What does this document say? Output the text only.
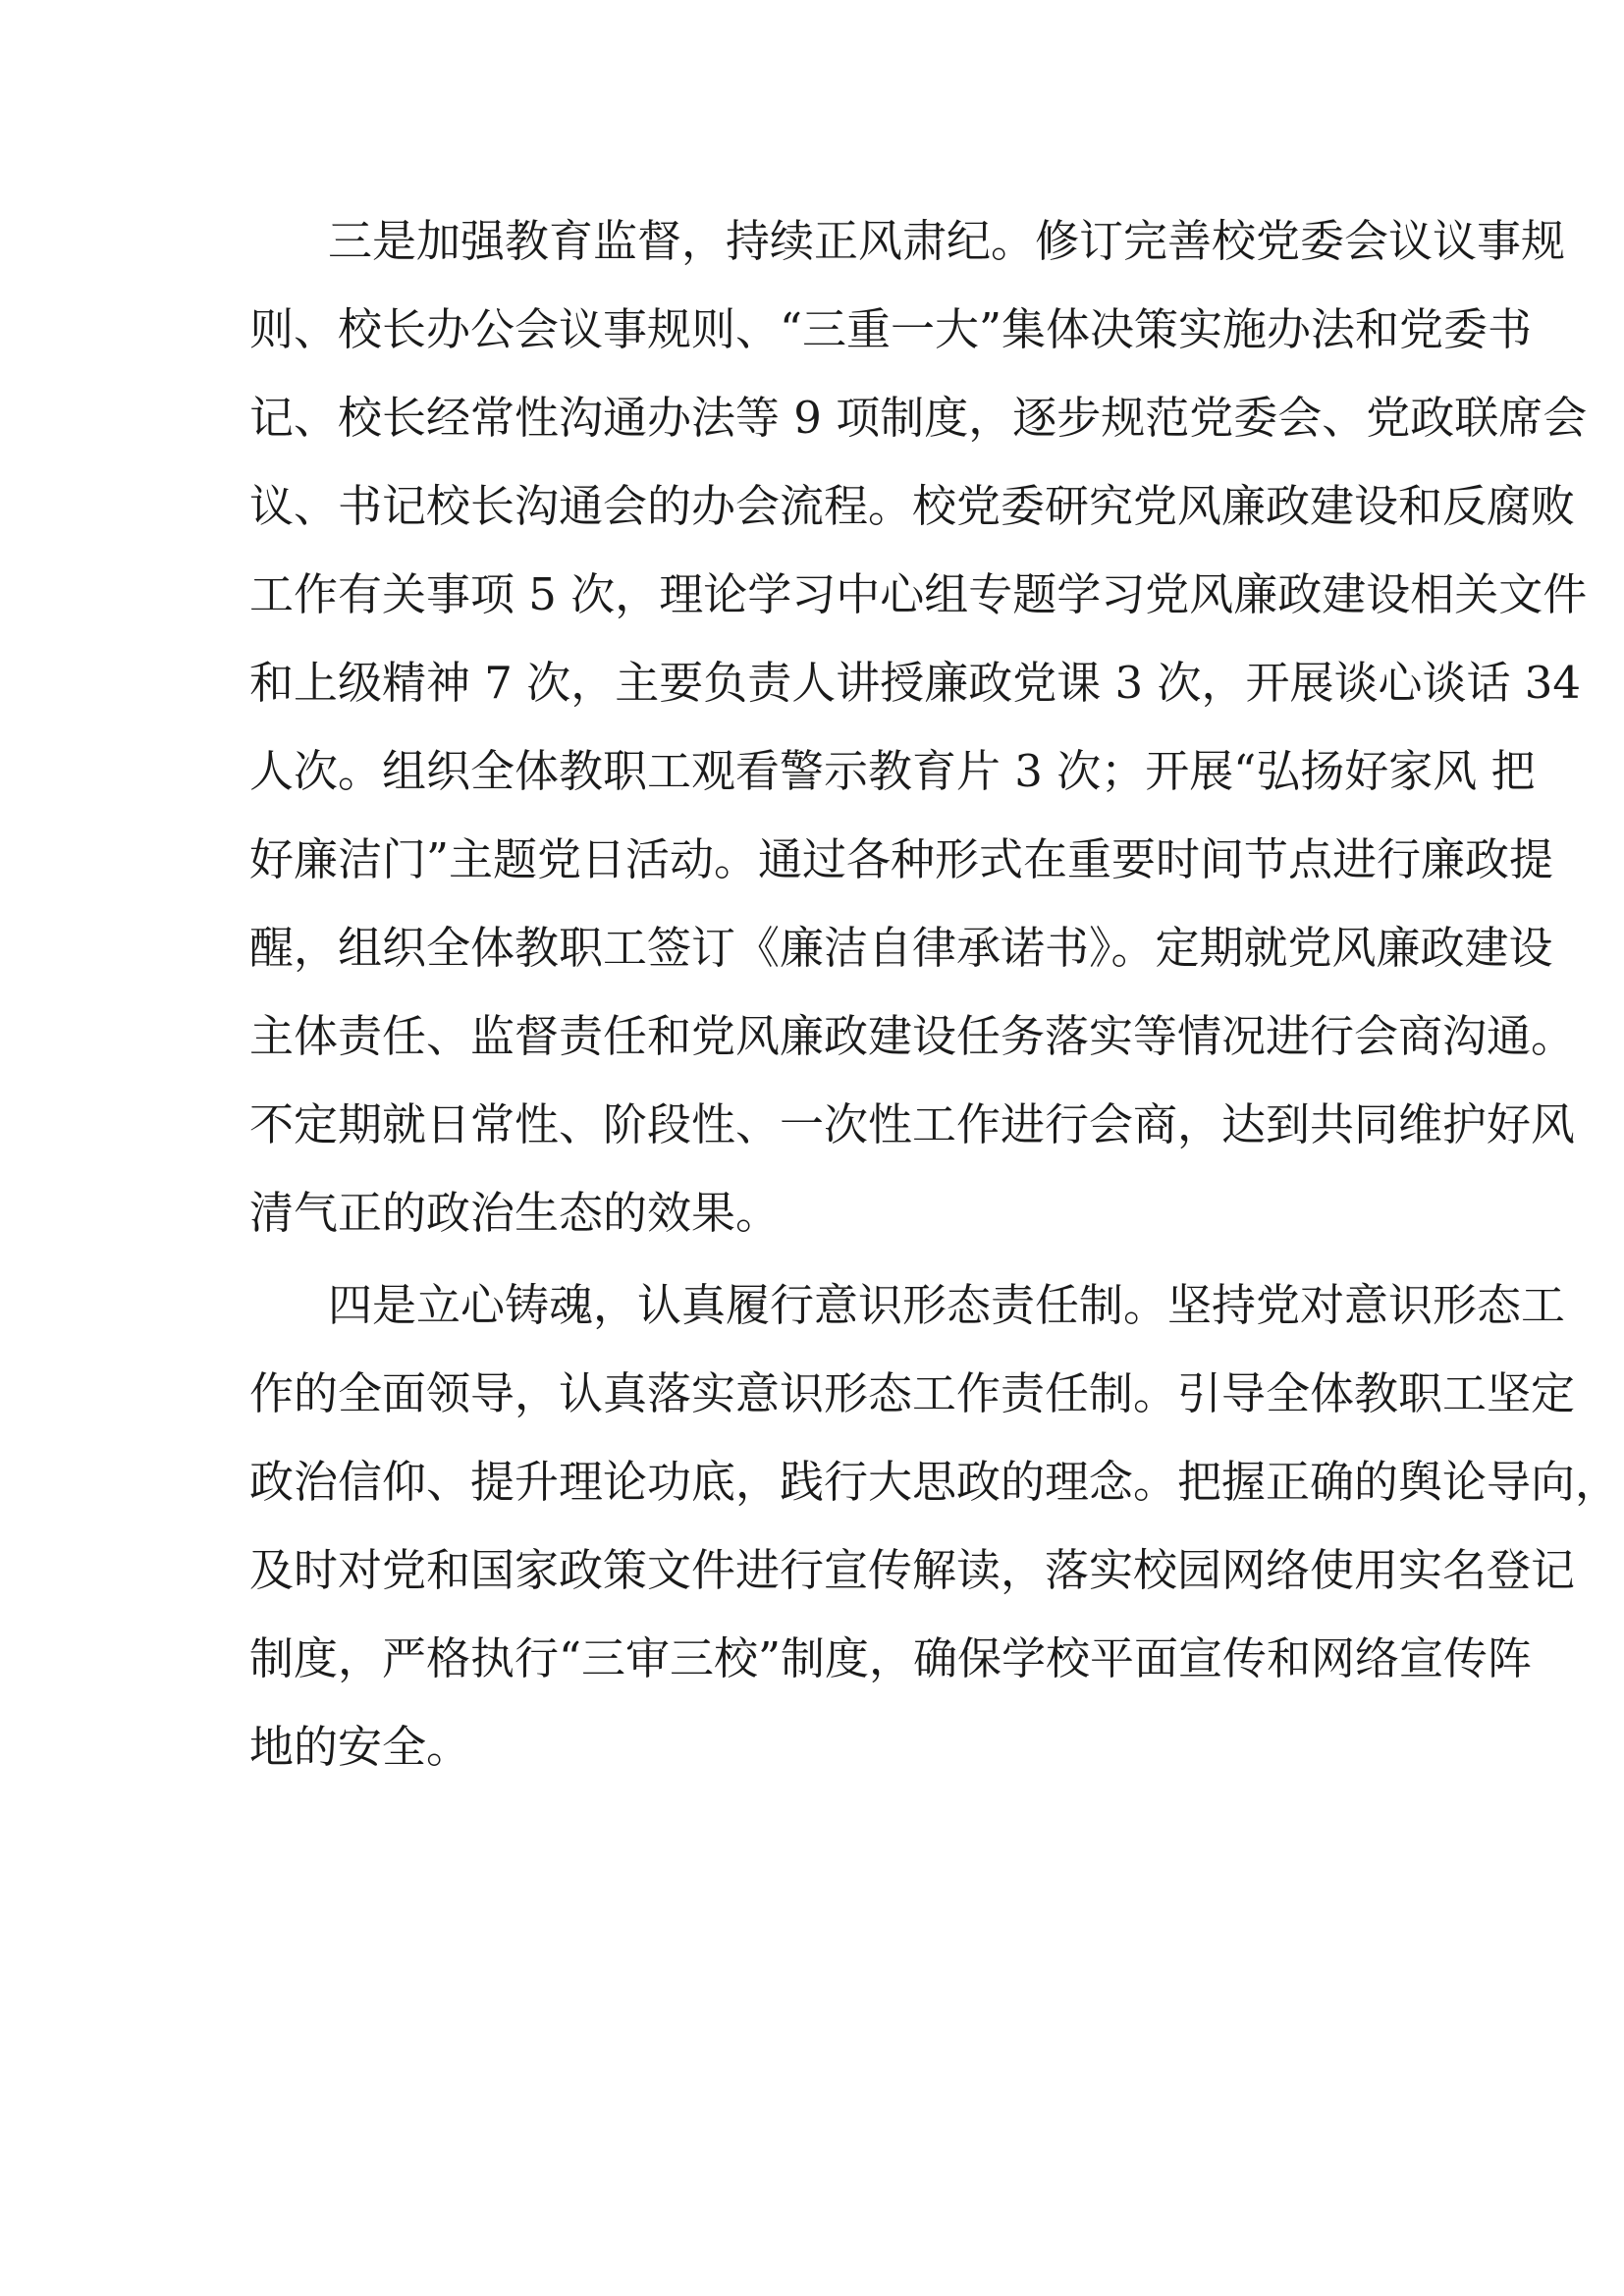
三是加强教育监督，持续正风肃纪。修订完善校党委会议议事规
则、校长办公会议事规则、“三重一大”集体决策实施办法和党委书
记、校长经常性沟通办法等 9 项制度，逐步规范党委会、党政联席会
议、书记校长沟通会的办会流程。校党委研究党风廉政建设和反腐败
工作有关事项 5 次，理论学习中心组专题学习党风廉政建设相关文件
和上级精神 7 次，主要负责人讲授廉政党课 3 次，开展谈心谈话 34
人次。组织全体教职工观看警示教育片 3 次；开展“弘扬好家风 把
好廉洁门”主题党日活动。通过各种形式在重要时间节点进行廉政提
醒，组织全体教职工签订《廉洁自律承诺书》。定期就党风廉政建设
主体责任、监督责任和党风廉政建设任务落实等情况进行会商沟通。
不定期就日常性、阶段性、一次性工作进行会商，达到共同维护好风
清气正的政治生态的效果。
四是立心铸魂，认真履行意识形态责任制。坚持党对意识形态工
作的全面领导，认真落实意识形态工作责任制。引导全体教职工坚定
政治信仰、提升理论功底，践行大思政的理念。把握正确的舆论导向，
及时对党和国家政策文件进行宣传解读，落实校园网络使用实名登记
制度，严格执行“三审三校”制度，确保学校平面宣传和网络宣传阵
地的安全。
